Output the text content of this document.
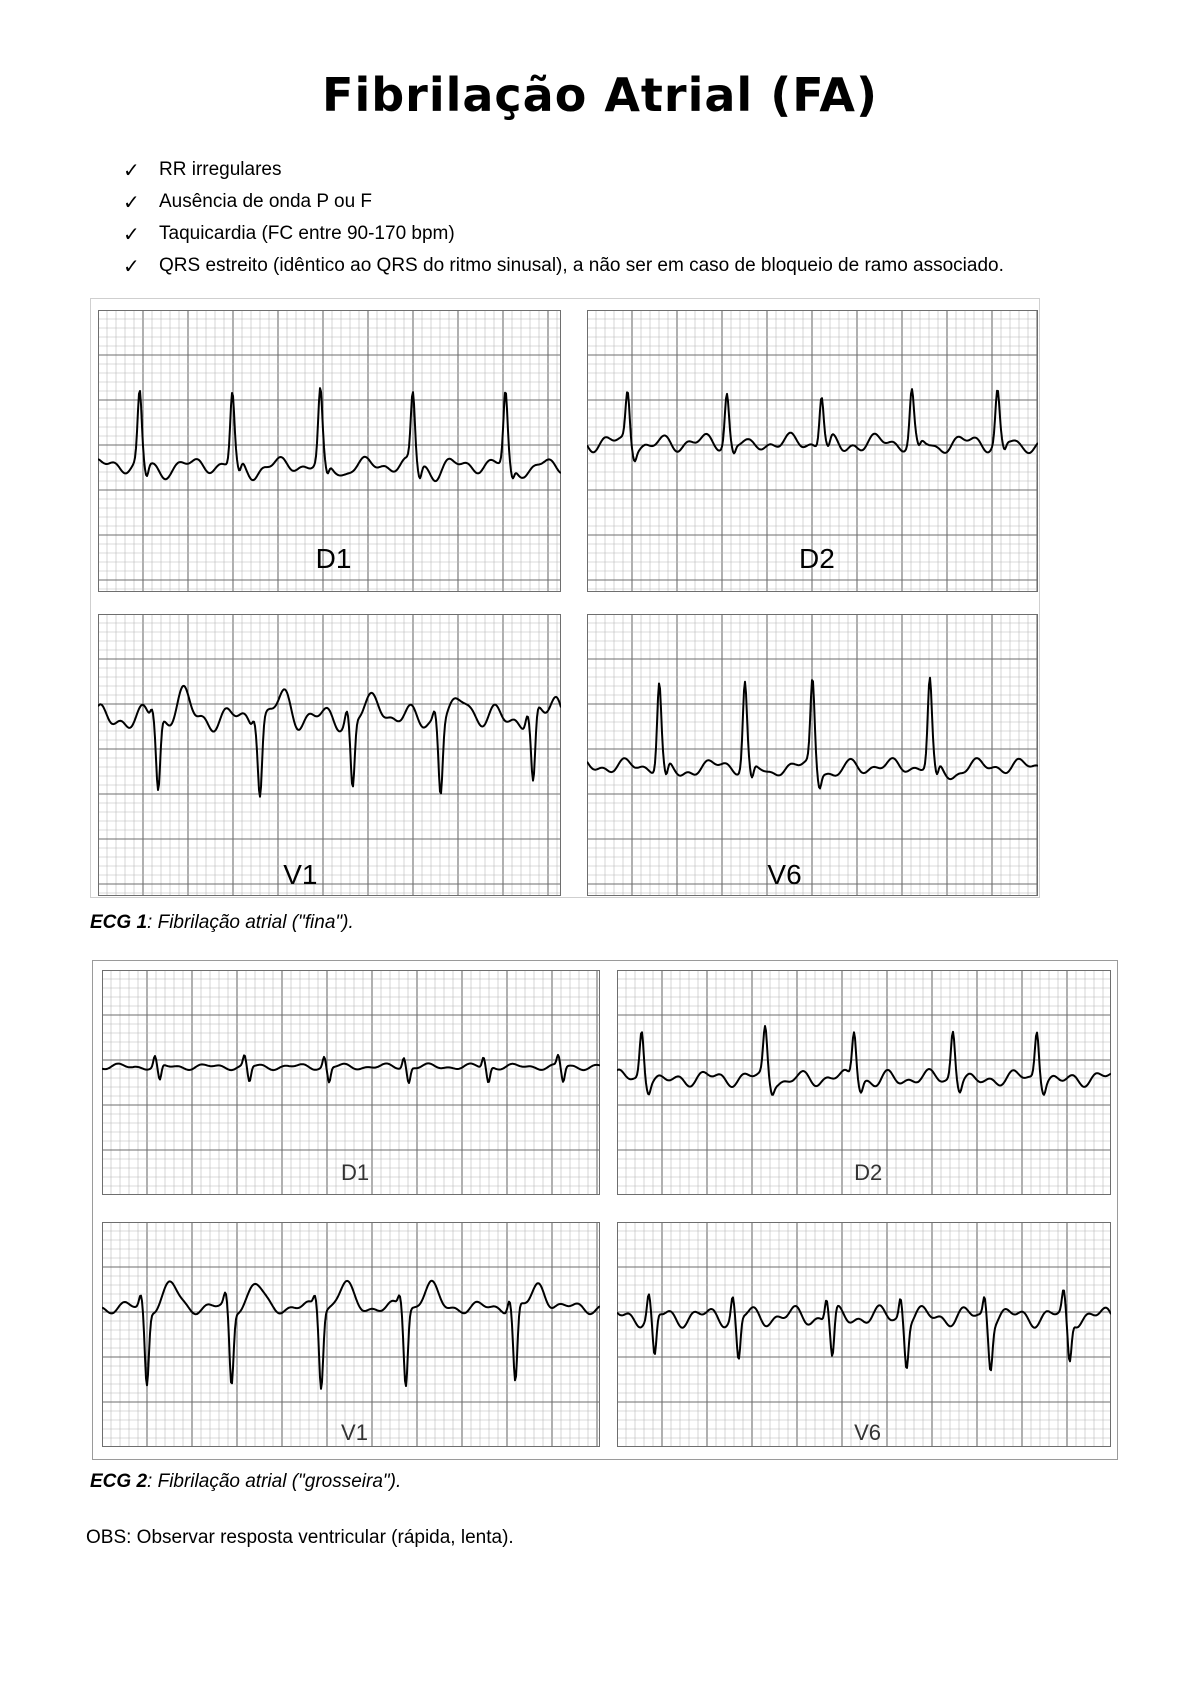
Fibrilação Atrial (FA)
✓	RR irregulares
✓	Ausência de onda P ou F
✓	Taquicardia (FC entre 90-170 bpm)
✓	QRS estreito (idêntico ao QRS do ritmo sinusal), a não ser em caso de bloqueio de ramo associado.
D1	D2
V1	V6

ECG 1: Fibrilação atrial ("fina").

D1	D2
V1	V6

ECG 2: Fibrilação atrial ("grosseira").

OBS: Observar resposta ventricular (rápida, lenta).
